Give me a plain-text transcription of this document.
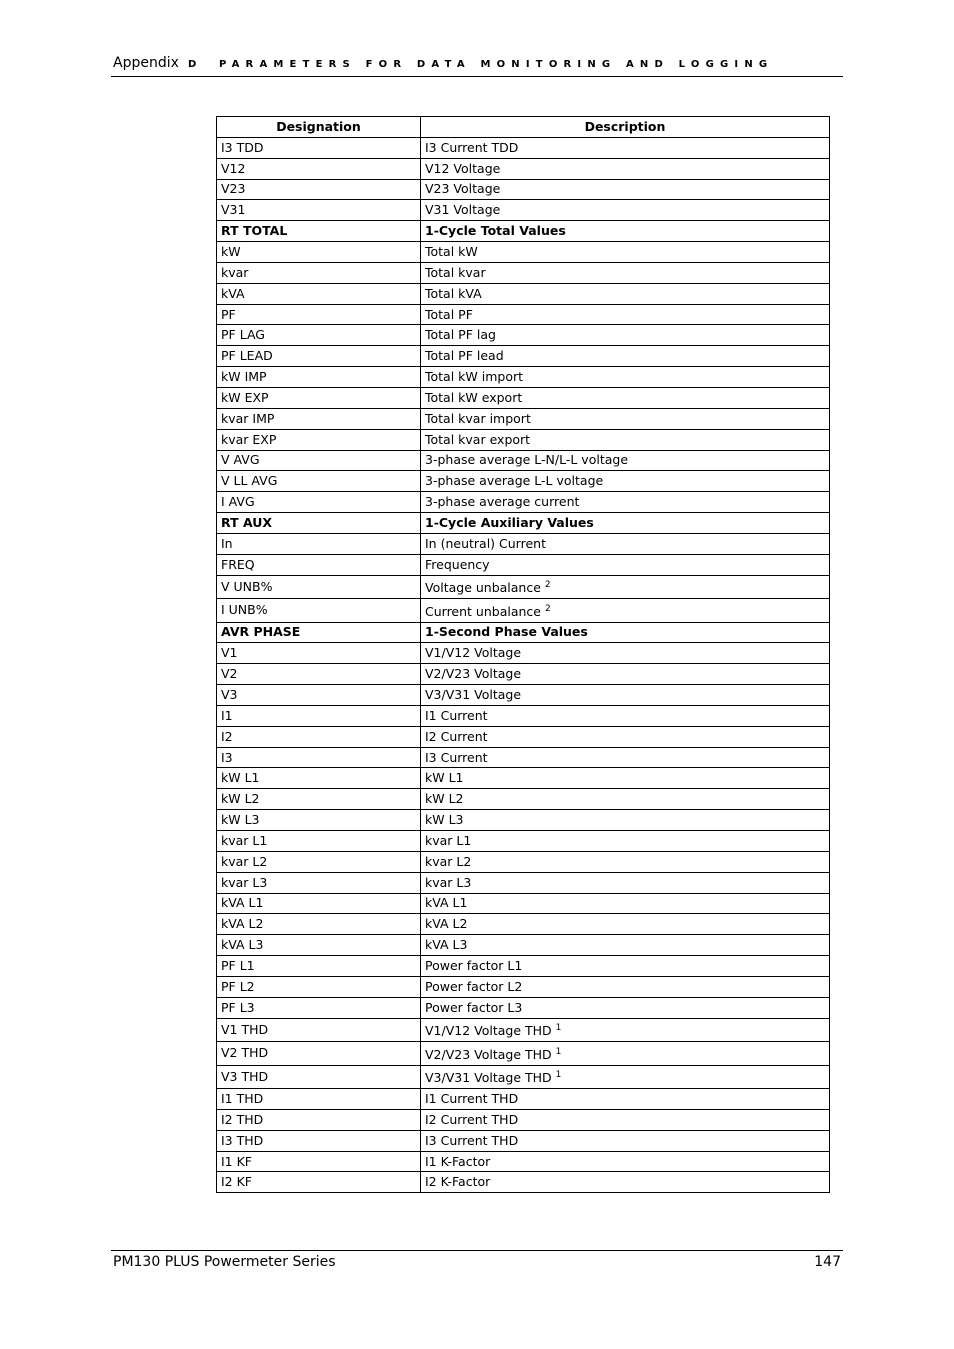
Appendix D PARAMETERS FOR DATA MONITORING AND LOGGING
Designation	Description
I3 TDD	I3 Current TDD
V12	V12 Voltage
V23	V23 Voltage
V31	V31 Voltage
RT TOTAL	1-Cycle Total Values
kW	Total kW
kvar	Total kvar
kVA	Total kVA
PF	Total PF
PF LAG	Total PF lag
PF LEAD	Total PF lead
kW IMP	Total kW import
kW EXP	Total kW export
kvar IMP	Total kvar import
kvar EXP	Total kvar export
V AVG	3-phase average L-N/L-L voltage
V LL AVG	3-phase average L-L voltage
I AVG	3-phase average current
RT AUX	1-Cycle Auxiliary Values
In	In (neutral) Current
FREQ	Frequency
V UNB%	Voltage unbalance $^2$
I UNB%	Current unbalance $^2$
AVR PHASE	1-Second Phase Values
V1	V1/V12 Voltage
V2	V2/V23 Voltage
V3	V3/V31 Voltage
I1	I1 Current
I2	I2 Current
I3	I3 Current
kW L1	kW L1
kW L2	kW L2
kW L3	kW L3
kvar L1	kvar L1
kvar L2	kvar L2
kvar L3	kvar L3
kVA L1	kVA L1
kVA L2	kVA L2
kVA L3	kVA L3
PF L1	Power factor L1
PF L2	Power factor L2
PF L3	Power factor L3
V1 THD	V1/V12 Voltage THD $^1$
V2 THD	V2/V23 Voltage THD $^1$
V3 THD	V3/V31 Voltage THD $^1$
I1 THD	I1 Current THD
I2 THD	I2 Current THD
I3 THD	I3 Current THD
I1 KF	I1 K-Factor
I2 KF	I2 K-Factor
PM130 PLUS Powermeter Series	147
